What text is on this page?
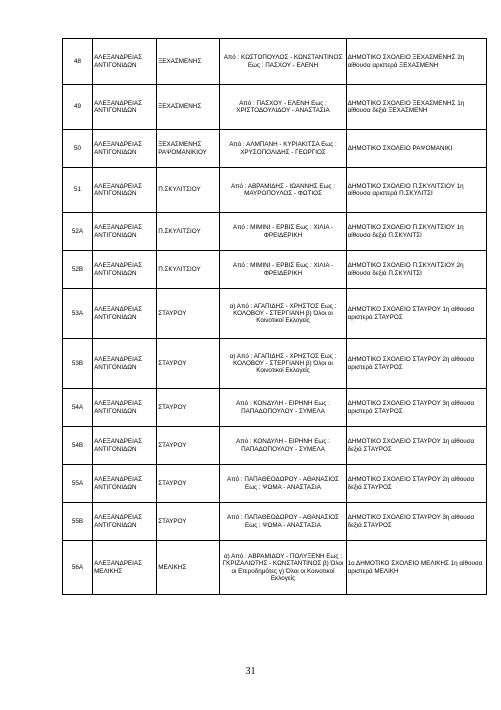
48	ΑΛΕΞΑΝΔΡΕΙΑΣ ΑΝΤΙΓΟΝΙΔΩΝ	ΞΕΧΑΣΜΕΝΗΣ	Από : ΚΩΣΤΟΠΟΥΛΟΣ - ΚΩΝΣΤΑΝΤΙΝΟΣ Εως : ΠΑΣΧΟΥ - ΕΛΕΝΗ	ΔΗΜΟΤΙΚΟ ΣΧΟΛΕΙΟ ΞΕΧΑΣΜΕΝΗΣ 2η αίθουσα αριστερά ΞΕΧΑΣΜΕΝΗ
49	ΑΛΕΞΑΝΔΡΕΙΑΣ ΑΝΤΙΓΟΝΙΔΩΝ	ΞΕΧΑΣΜΕΝΗΣ	Από : ΠΑΣΧΟΥ - ΕΛΕΝΗ Εως : ΧΡΙΣΤΟΔΟΥΛΙΔΟΥ - ΑΝΑΣΤΑΣΙΑ	ΔΗΜΟΤΙΚΟ ΣΧΟΛΕΙΟ ΞΕΧΑΣΜΕΝΗΣ 1η αίθουσα δεξιά ΞΕΧΑΣΜΕΝΗ
50	ΑΛΕΞΑΝΔΡΕΙΑΣ ΑΝΤΙΓΟΝΙΔΩΝ	ΞΕΧΑΣΜΕΝΗΣ ΡΑΨΟΜΑΝΙΚΙΟΥ	Από : ΑΛΜΠΑΝΗ - ΚΥΡΙΑΚΙΤΣΑ Εως : ΧΡΥΣΟΠΟΛΙΔΗΣ - ΓΕΩΡΓΙΟΣ	ΔΗΜΟΤΙΚΟ ΣΧΟΛΕΙΟ ΡΑΨΟΜΑΝΙΚΙ
51	ΑΛΕΞΑΝΔΡΕΙΑΣ ΑΝΤΙΓΟΝΙΔΩΝ	Π.ΣΚΥΛΙΤΣΙΟΥ	Από : ΑΒΡΑΜΙΔΗΣ - ΙΩΑΝΝΗΣ Εως : ΜΑΥΡΟΠΟΥΛΟΣ - ΦΩΤΙΟΣ	ΔΗΜΟΤΙΚΟ ΣΧΟΛΕΙΟ Π.ΣΚΥΛΙΤΣΙΟΥ 1η αίθουσα αριστερά Π.ΣΚΥΛΙΤΣΙ
52Α	ΑΛΕΞΑΝΔΡΕΙΑΣ ΑΝΤΙΓΟΝΙΔΩΝ	Π.ΣΚΥΛΙΤΣΙΟΥ	Από : ΜΙΜΙΝΙ - ΕΡΒΙΣ Εως : ΧΙΛΙΑ - ΦΡΕΙΔΕΡΙΚΗ	ΔΗΜΟΤΙΚΟ ΣΧΟΛΕΙΟ Π.ΣΚΥΛΙΤΣΙΟΥ 1η αίθουσα δεξιά Π.ΣΚΥΛΙΤΣΙ
52Β	ΑΛΕΞΑΝΔΡΕΙΑΣ ΑΝΤΙΓΟΝΙΔΩΝ	Π.ΣΚΥΛΙΤΣΙΟΥ	Από : ΜΙΜΙΝΙ - ΕΡΒΙΣ Εως : ΧΙΛΙΑ - ΦΡΕΙΔΕΡΙΚΗ	ΔΗΜΟΤΙΚΟ ΣΧΟΛΕΙΟ Π.ΣΚΥΛΙΤΣΙΟΥ 2η αίθουσα δεξιά Π.ΣΚΥΛΙΤΣΙ
53Α	ΑΛΕΞΑΝΔΡΕΙΑΣ ΑΝΤΙΓΟΝΙΔΩΝ	ΣΤΑΥΡΟΥ	α) Από : ΑΓΑΠΙΔΗΣ - ΧΡΗΣΤΟΣ Εως : ΚΟΛΟΒΟΥ - ΣΤΕΡΓΙΑΝΗ β) Όλοι οι Κοινοτικοί Εκλογείς	ΔΗΜΟΤΙΚΟ ΣΧΟΛΕΙΟ ΣΤΑΥΡΟΥ 1η αίθουσα αριστερά ΣΤΑΥΡΟΣ
53Β	ΑΛΕΞΑΝΔΡΕΙΑΣ ΑΝΤΙΓΟΝΙΔΩΝ	ΣΤΑΥΡΟΥ	α) Από : ΑΓΑΠΙΔΗΣ - ΧΡΗΣΤΟΣ Εως : ΚΟΛΟΒΟΥ - ΣΤΕΡΓΙΑΝΗ β) Όλοι οι Κοινοτικοί Εκλογείς	ΔΗΜΟΤΙΚΟ ΣΧΟΛΕΙΟ ΣΤΑΥΡΟΥ 2η αίθουσα αριστερά ΣΤΑΥΡΟΣ
54Α	ΑΛΕΞΑΝΔΡΕΙΑΣ ΑΝΤΙΓΟΝΙΔΩΝ	ΣΤΑΥΡΟΥ	Από : ΚΟΝΔΥΛΗ - ΕΙΡΗΝΗ Εως : ΠΑΠΑΔΟΠΟΥΛΟΥ - ΣΥΜΕΛΑ	ΔΗΜΟΤΙΚΟ ΣΧΟΛΕΙΟ ΣΤΑΥΡΟΥ 3η αίθουσα αριστερά ΣΤΑΥΡΟΣ
54Β	ΑΛΕΞΑΝΔΡΕΙΑΣ ΑΝΤΙΓΟΝΙΔΩΝ	ΣΤΑΥΡΟΥ	Από : ΚΟΝΔΥΛΗ - ΕΙΡΗΝΗ Εως : ΠΑΠΑΔΟΠΟΥΛΟΥ - ΣΥΜΕΛΑ	ΔΗΜΟΤΙΚΟ ΣΧΟΛΕΙΟ ΣΤΑΥΡΟΥ 1η αίθουσα δεξιά ΣΤΑΥΡΟΣ
55Α	ΑΛΕΞΑΝΔΡΕΙΑΣ ΑΝΤΙΓΟΝΙΔΩΝ	ΣΤΑΥΡΟΥ	Από : ΠΑΠΑΘΕΟΔΩΡΟΥ - ΑΘΑΝΑΣΙΟΣ Εως : ΨΩΜΑ - ΑΝΑΣΤΑΣΙΑ	ΔΗΜΟΤΙΚΟ ΣΧΟΛΕΙΟ ΣΤΑΥΡΟΥ 2η αίθουσα δεξιά ΣΤΑΥΡΟΣ
55Β	ΑΛΕΞΑΝΔΡΕΙΑΣ ΑΝΤΙΓΟΝΙΔΩΝ	ΣΤΑΥΡΟΥ	Από : ΠΑΠΑΘΕΟΔΩΡΟΥ - ΑΘΑΝΑΣΙΟΣ Εως : ΨΩΜΑ - ΑΝΑΣΤΑΣΙΑ	ΔΗΜΟΤΙΚΟ ΣΧΟΛΕΙΟ ΣΤΑΥΡΟΥ 3η αίθουσα δεξιά ΣΤΑΥΡΟΣ
56Α	ΑΛΕΞΑΝΔΡΕΙΑΣ ΜΕΛΙΚΗΣ	ΜΕΛΙΚΗΣ	α) Από : ΑΒΡΑΜΙΔΟΥ - ΠΟΛΥΞΕΝΗ Εως : ΓΚΡΙΖΑΛΙΩΤΗΣ - ΚΩΝΣΤΑΝΤΙΝΟΣ β) Όλοι οι Ετεροδημότες γ) Όλοι οι Κοινοτικοί Εκλογείς	1ο ΔΗΜΟΤΙΚΟ ΣΧΟΛΕΙΟ ΜΕΛΙΚΗΣ 1η αίθουσα αριστερά ΜΕΛΙΚΗ
31
